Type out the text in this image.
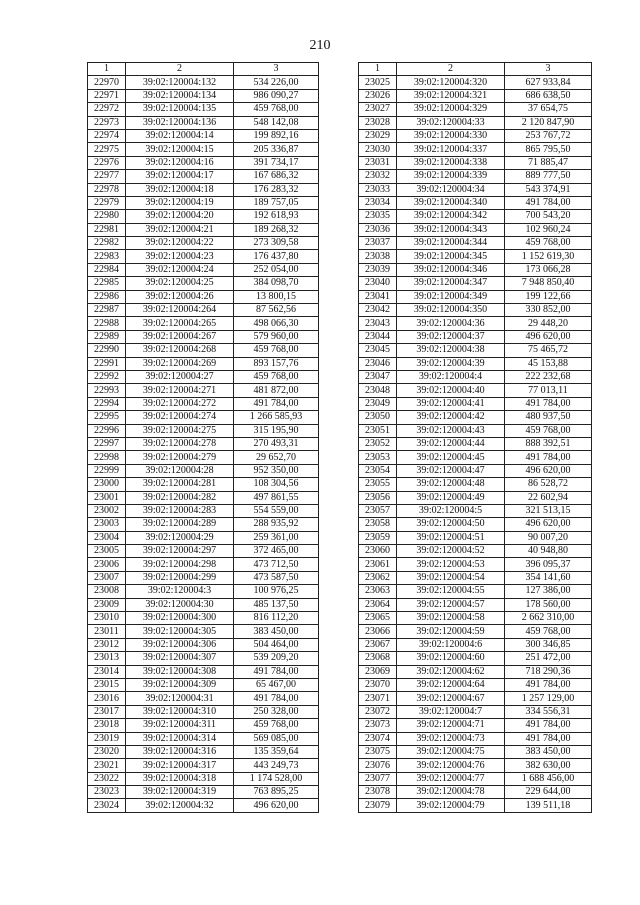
210
1	2	3
22970	39:02:120004:132	534 226,00
22971	39:02:120004:134	986 090,27
22972	39:02:120004:135	459 768,00
22973	39:02:120004:136	548 142,08
22974	39:02:120004:14	199 892,16
22975	39:02:120004:15	205 336,87
22976	39:02:120004:16	391 734,17
22977	39:02:120004:17	167 686,32
22978	39:02:120004:18	176 283,32
22979	39:02:120004:19	189 757,05
22980	39:02:120004:20	192 618,93
22981	39:02:120004:21	189 268,32
22982	39:02:120004:22	273 309,58
22983	39:02:120004:23	176 437,80
22984	39:02:120004:24	252 054,00
22985	39:02:120004:25	384 098,70
22986	39:02:120004:26	13 800,15
22987	39:02:120004:264	87 562,56
22988	39:02:120004:265	498 066,30
22989	39:02:120004:267	579 960,00
22990	39:02:120004:268	459 768,00
22991	39:02:120004:269	893 157,76
22992	39:02:120004:27	459 768,00
22993	39:02:120004:271	481 872,00
22994	39:02:120004:272	491 784,00
22995	39:02:120004:274	1 266 585,93
22996	39:02:120004:275	315 195,90
22997	39:02:120004:278	270 493,31
22998	39:02:120004:279	29 652,70
22999	39:02:120004:28	952 350,00
23000	39:02:120004:281	108 304,56
23001	39:02:120004:282	497 861,55
23002	39:02:120004:283	554 559,00
23003	39:02:120004:289	288 935,92
23004	39:02:120004:29	259 361,00
23005	39:02:120004:297	372 465,00
23006	39:02:120004:298	473 712,50
23007	39:02:120004:299	473 587,50
23008	39:02:120004:3	100 976,25
23009	39:02:120004:30	485 137,50
23010	39:02:120004:300	816 112,20
23011	39:02:120004:305	383 450,00
23012	39:02:120004:306	504 464,00
23013	39:02:120004:307	539 209,20
23014	39:02:120004:308	491 784,00
23015	39:02:120004:309	65 467,00
23016	39:02:120004:31	491 784,00
23017	39:02:120004:310	250 328,00
23018	39:02:120004:311	459 768,00
23019	39:02:120004:314	569 085,00
23020	39:02:120004:316	135 359,64
23021	39:02:120004:317	443 249,73
23022	39:02:120004:318	1 174 528,00
23023	39:02:120004:319	763 895,25
23024	39:02:120004:32	496 620,00
1	2	3
23025	39:02:120004:320	627 933,84
23026	39:02:120004:321	686 638,50
23027	39:02:120004:329	37 654,75
23028	39:02:120004:33	2 120 847,90
23029	39:02:120004:330	253 767,72
23030	39:02:120004:337	865 795,50
23031	39:02:120004:338	71 885,47
23032	39:02:120004:339	889 777,50
23033	39:02:120004:34	543 374,91
23034	39:02:120004:340	491 784,00
23035	39:02:120004:342	700 543,20
23036	39:02:120004:343	102 960,24
23037	39:02:120004:344	459 768,00
23038	39:02:120004:345	1 152 619,30
23039	39:02:120004:346	173 066,28
23040	39:02:120004:347	7 948 850,40
23041	39:02:120004:349	199 122,66
23042	39:02:120004:350	330 852,00
23043	39:02:120004:36	29 448,20
23044	39:02:120004:37	496 620,00
23045	39:02:120004:38	75 465,72
23046	39:02:120004:39	45 153,88
23047	39:02:120004:4	222 232,68
23048	39:02:120004:40	77 013,11
23049	39:02:120004:41	491 784,00
23050	39:02:120004:42	480 937,50
23051	39:02:120004:43	459 768,00
23052	39:02:120004:44	888 392,51
23053	39:02:120004:45	491 784,00
23054	39:02:120004:47	496 620,00
23055	39:02:120004:48	86 528,72
23056	39:02:120004:49	22 602,94
23057	39:02:120004:5	321 513,15
23058	39:02:120004:50	496 620,00
23059	39:02:120004:51	90 007,20
23060	39:02:120004:52	40 948,80
23061	39:02:120004:53	396 095,37
23062	39:02:120004:54	354 141,60
23063	39:02:120004:55	127 386,00
23064	39:02:120004:57	178 560,00
23065	39:02:120004:58	2 662 310,00
23066	39:02:120004:59	459 768,00
23067	39:02:120004:6	300 346,85
23068	39:02:120004:60	251 472,00
23069	39:02:120004:62	718 290,36
23070	39:02:120004:64	491 784,00
23071	39:02:120004:67	1 257 129,00
23072	39:02:120004:7	334 556,31
23073	39:02:120004:71	491 784,00
23074	39:02:120004:73	491 784,00
23075	39:02:120004:75	383 450,00
23076	39:02:120004:76	382 630,00
23077	39:02:120004:77	1 688 456,00
23078	39:02:120004:78	229 644,00
23079	39:02:120004:79	139 511,18
